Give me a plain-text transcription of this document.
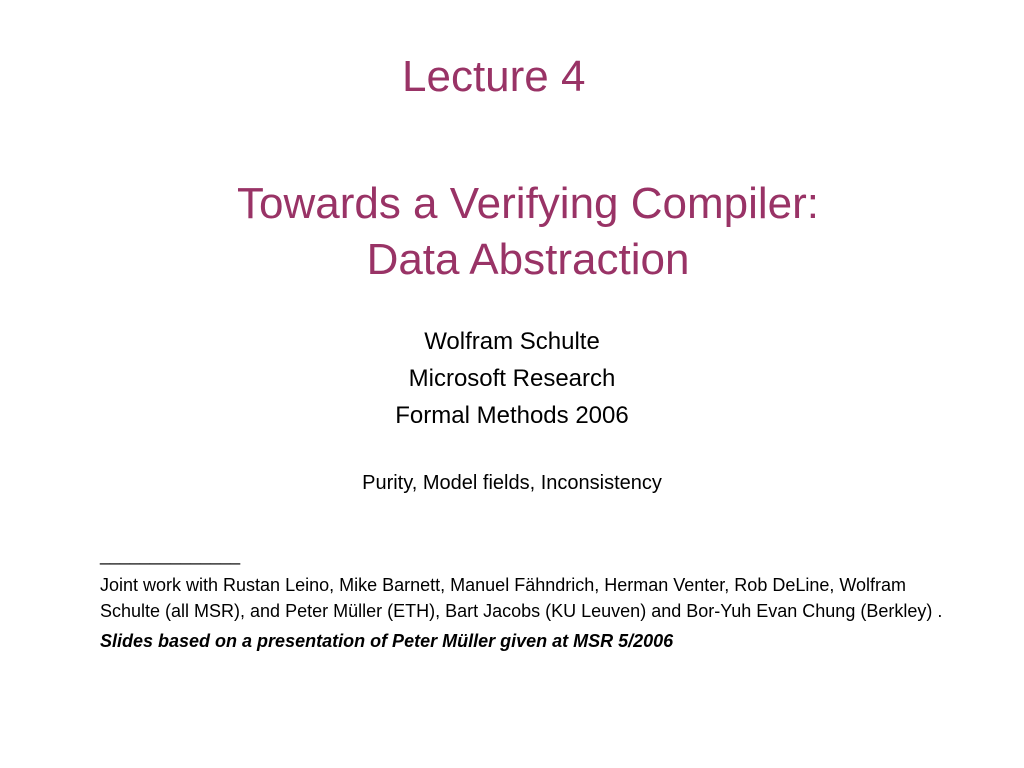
Lecture 4
Towards a Verifying Compiler:
Data Abstraction
Wolfram Schulte
Microsoft Research
Formal Methods 2006
Purity, Model fields, Inconsistency
______________
Joint work with Rustan Leino, Mike Barnett, Manuel Fähndrich, Herman Venter, Rob DeLine, Wolfram Schulte (all MSR), and Peter Müller (ETH), Bart Jacobs (KU Leuven) and Bor-Yuh Evan Chung (Berkley) .
Slides based on a presentation of Peter Müller given at MSR 5/2006
